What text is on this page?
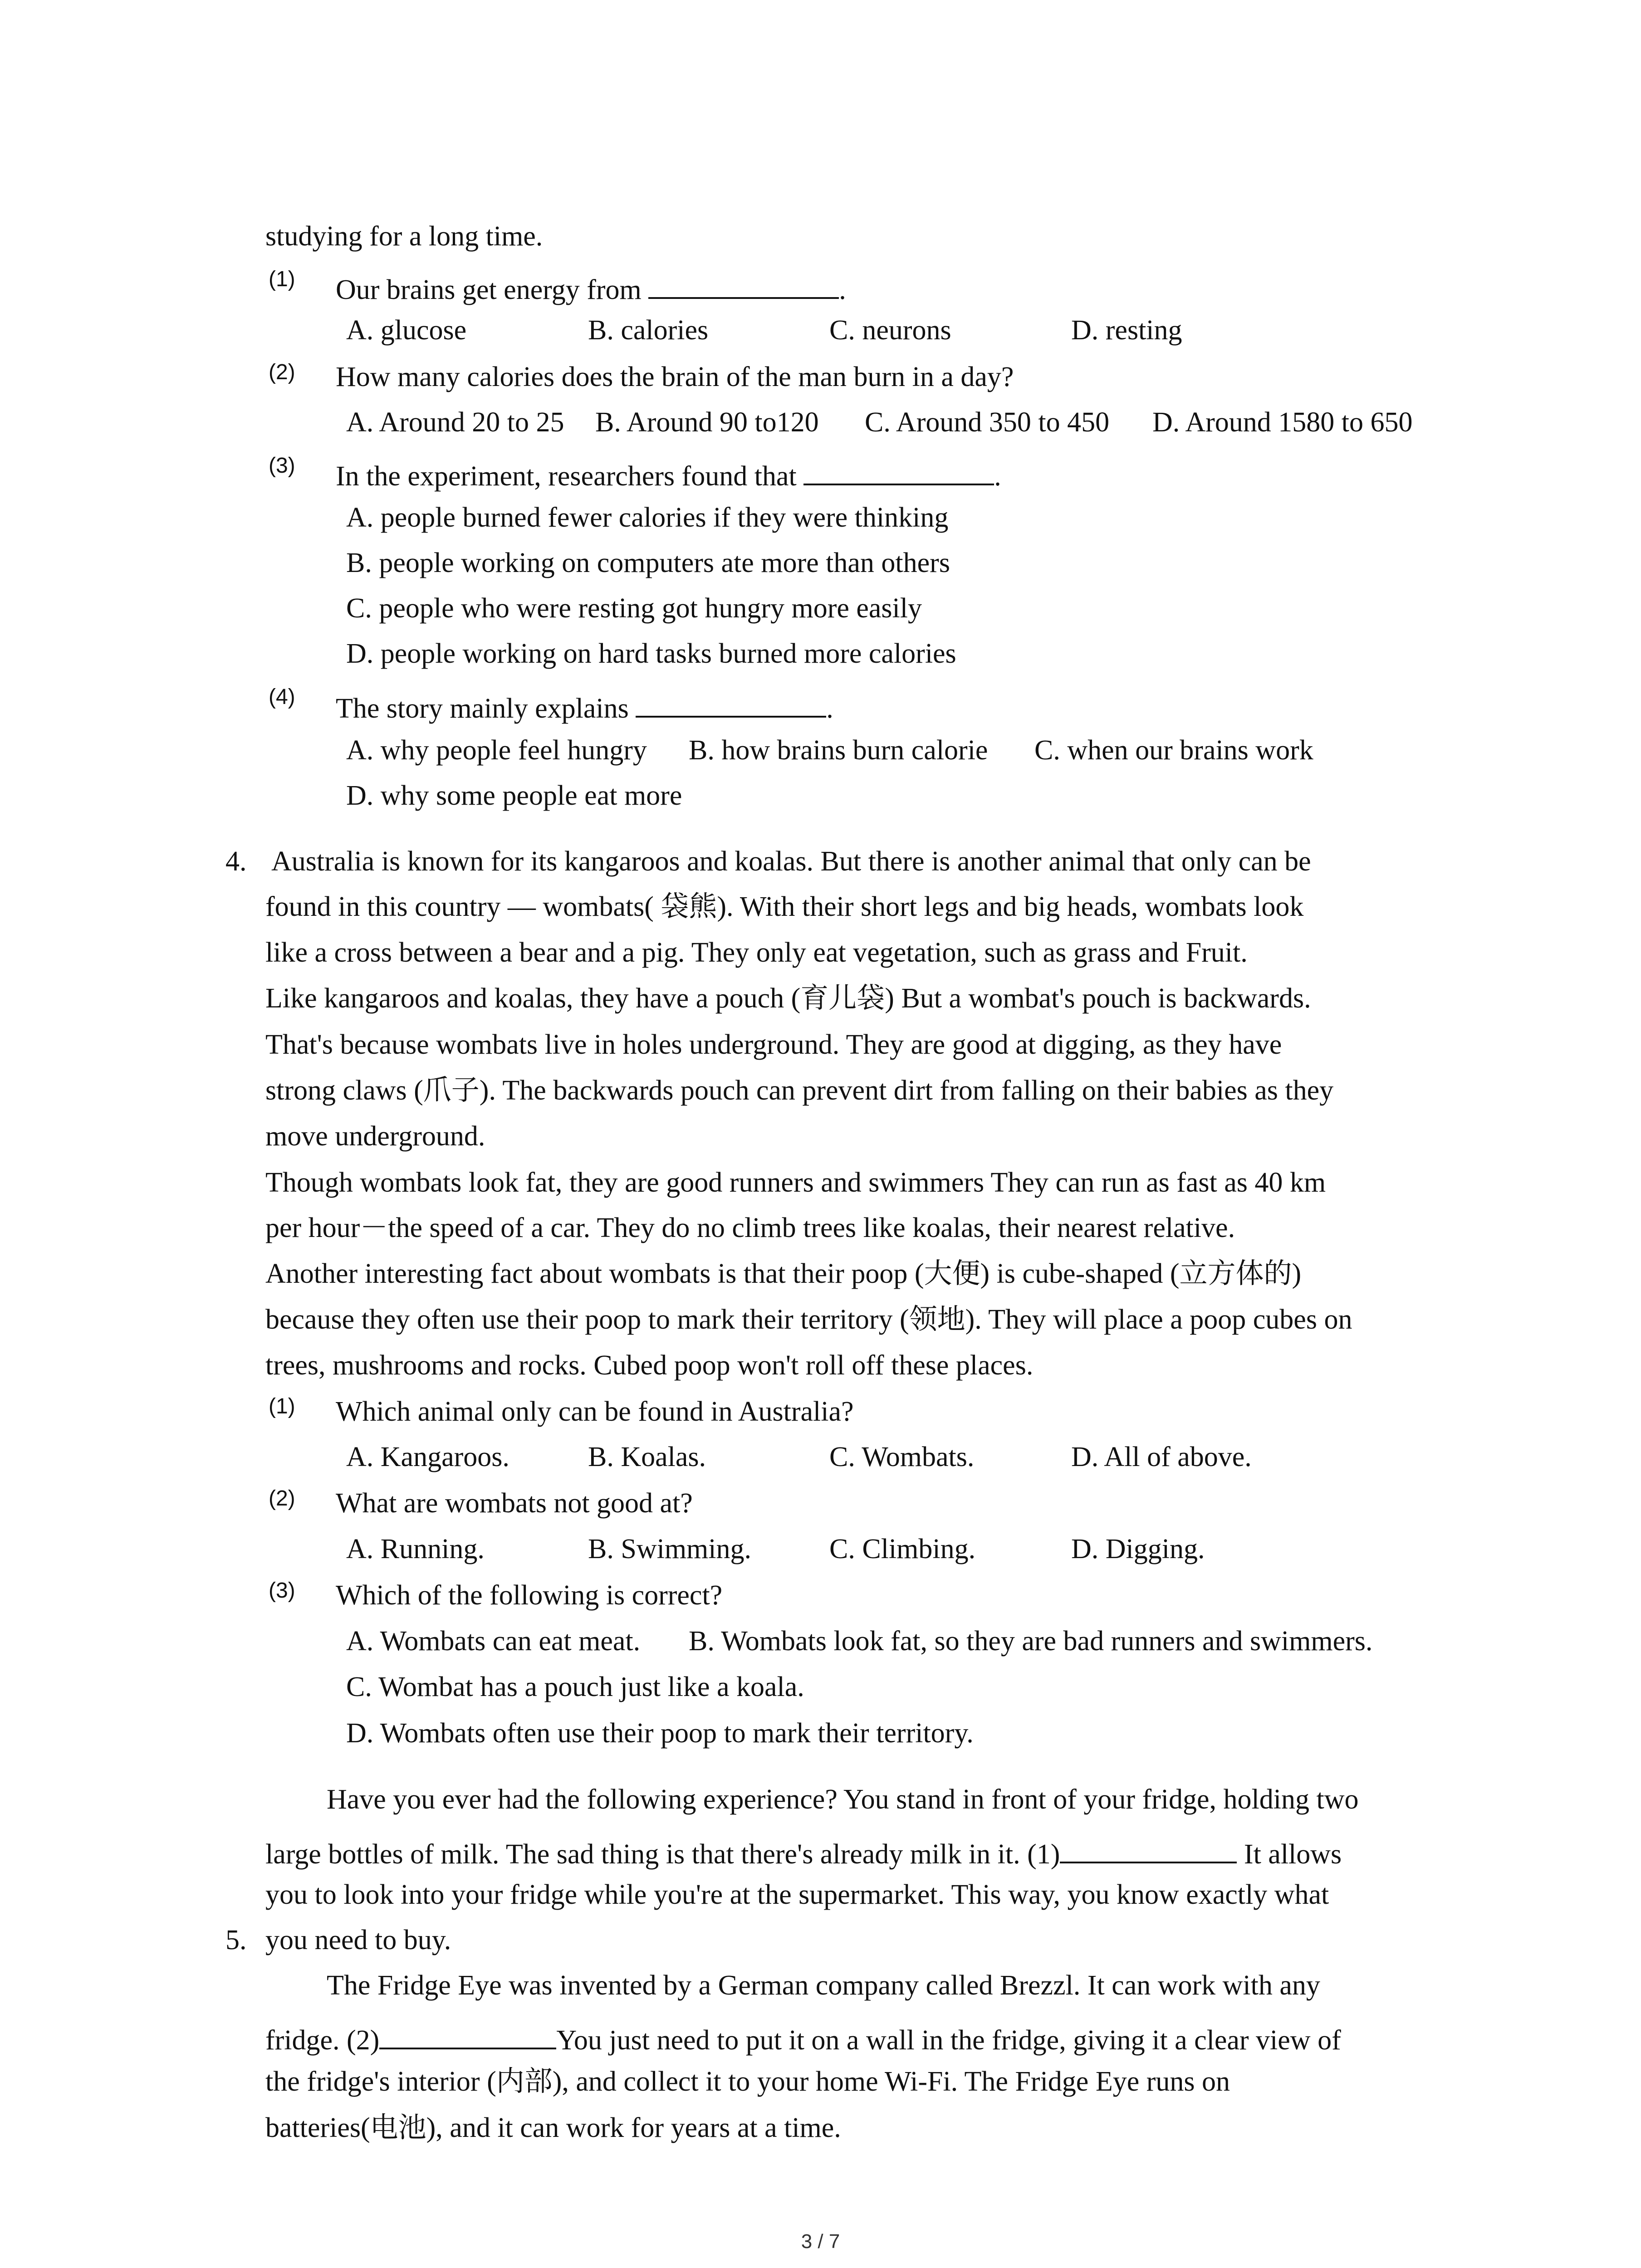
studying for a long time.
(1) Our brains get energy from	.
A. glucose	B. calories	C. neurons	D. resting
(2) How many calories does the brain of the man burn in a day?
A. Around 20 to 25 B. Around 90 to120 C. Around 350 to 450 D. Around 1580 to 650
(3) In the experiment, researchers found that	.
A. people burned fewer calories if they were thinking
B. people working on computers ate more than others
C. people who were resting got hungry more easily
D. people working on hard tasks burned more calories
(4) The story mainly explains	.
A. why people feel hungry B. how brains burn calorie C. when our brains work
D. why some people eat more
4. Australia is known for its kangaroos and koalas. But there is another animal that only can be
found in this country — wombats( 袋熊). With their short legs and big heads, wombats look
like a cross between a bear and a pig. They only eat vegetation, such as grass and Fruit.
Like kangaroos and koalas, they have a pouch (育儿袋) But a wombat's pouch is backwards.
That's because wombats live in holes underground. They are good at digging, as they have
strong claws (爪子). The backwards pouch can prevent dirt from falling on their babies as they
move underground.
Though wombats look fat, they are good runners and swimmers They can run as fast as 40 km
per hour－the speed of a car. They do no climb trees like koalas, their nearest relative.
Another interesting fact about wombats is that their poop (大便) is cube-shaped (立方体的)
because they often use their poop to mark their territory (领地). They will place a poop cubes on
trees, mushrooms and rocks. Cubed poop won't roll off these places.
(1) Which animal only can be found in Australia?
A. Kangaroos.	B. Koalas.	C. Wombats.	D. All of above.
(2) What are wombats not good at?
A. Running.	B. Swimming.	C. Climbing.	D. Digging.
(3) Which of the following is correct?
A. Wombats can eat meat. B. Wombats look fat, so they are bad runners and swimmers.
C. Wombat has a pouch just like a koala.
D. Wombats often use their poop to mark their territory.
Have you ever had the following experience? You stand in front of your fridge, holding two
large bottles of milk. The sad thing is that there's already milk in it. (1)	It allows
you to look into your fridge while you're at the supermarket. This way, you know exactly what
5. you need to buy.
The Fridge Eye was invented by a German company called Brezzl. It can work with any
fridge. (2)	You just need to put it on a wall in the fridge, giving it a clear view of
the fridge's interior (内部), and collect it to your home Wi-Fi. The Fridge Eye runs on
batteries(电池), and it can work for years at a time.
3 / 7
